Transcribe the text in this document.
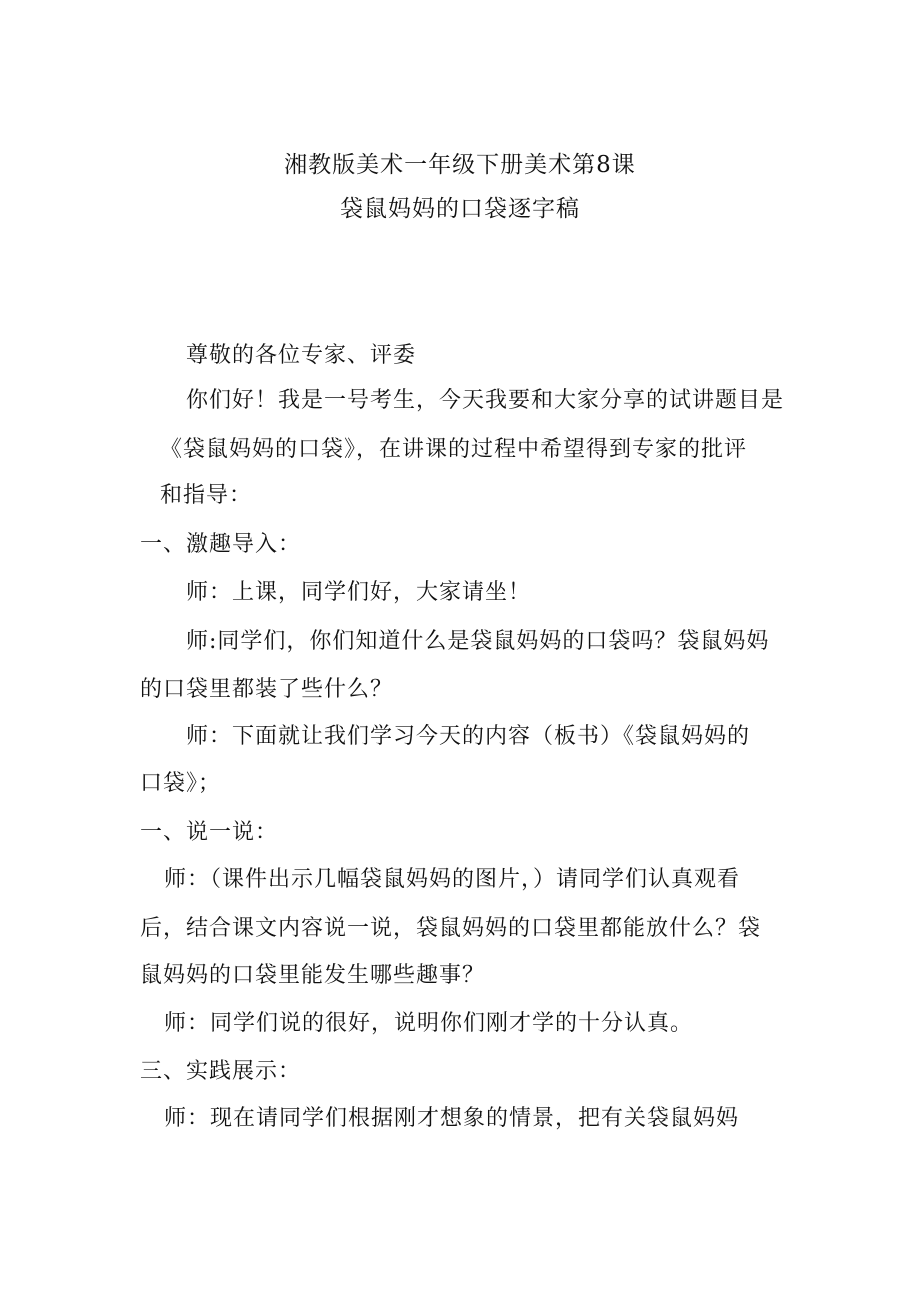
湘教版美术一年级下册美术第8课
袋鼠妈妈的口袋逐字稿
尊敬的各位专家、评委
你们好！我是一号考生，今天我要和大家分享的试讲题目是
《袋鼠妈妈的口袋》，在讲课的过程中希望得到专家的批评
和指导：
一、激趣导入：
师：上课，同学们好，大家请坐！
师:同学们，你们知道什么是袋鼠妈妈的口袋吗？袋鼠妈妈
的口袋里都装了些什么？
师：下面就让我们学习今天的内容（板书）《袋鼠妈妈的
口袋》；
一、说一说：
师：（课件出示几幅袋鼠妈妈的图片，）请同学们认真观看
后，结合课文内容说一说，袋鼠妈妈的口袋里都能放什么？袋
鼠妈妈的口袋里能发生哪些趣事？
师：同学们说的很好，说明你们刚才学的十分认真。
三、实践展示：
师：现在请同学们根据刚才想象的情景，把有关袋鼠妈妈
